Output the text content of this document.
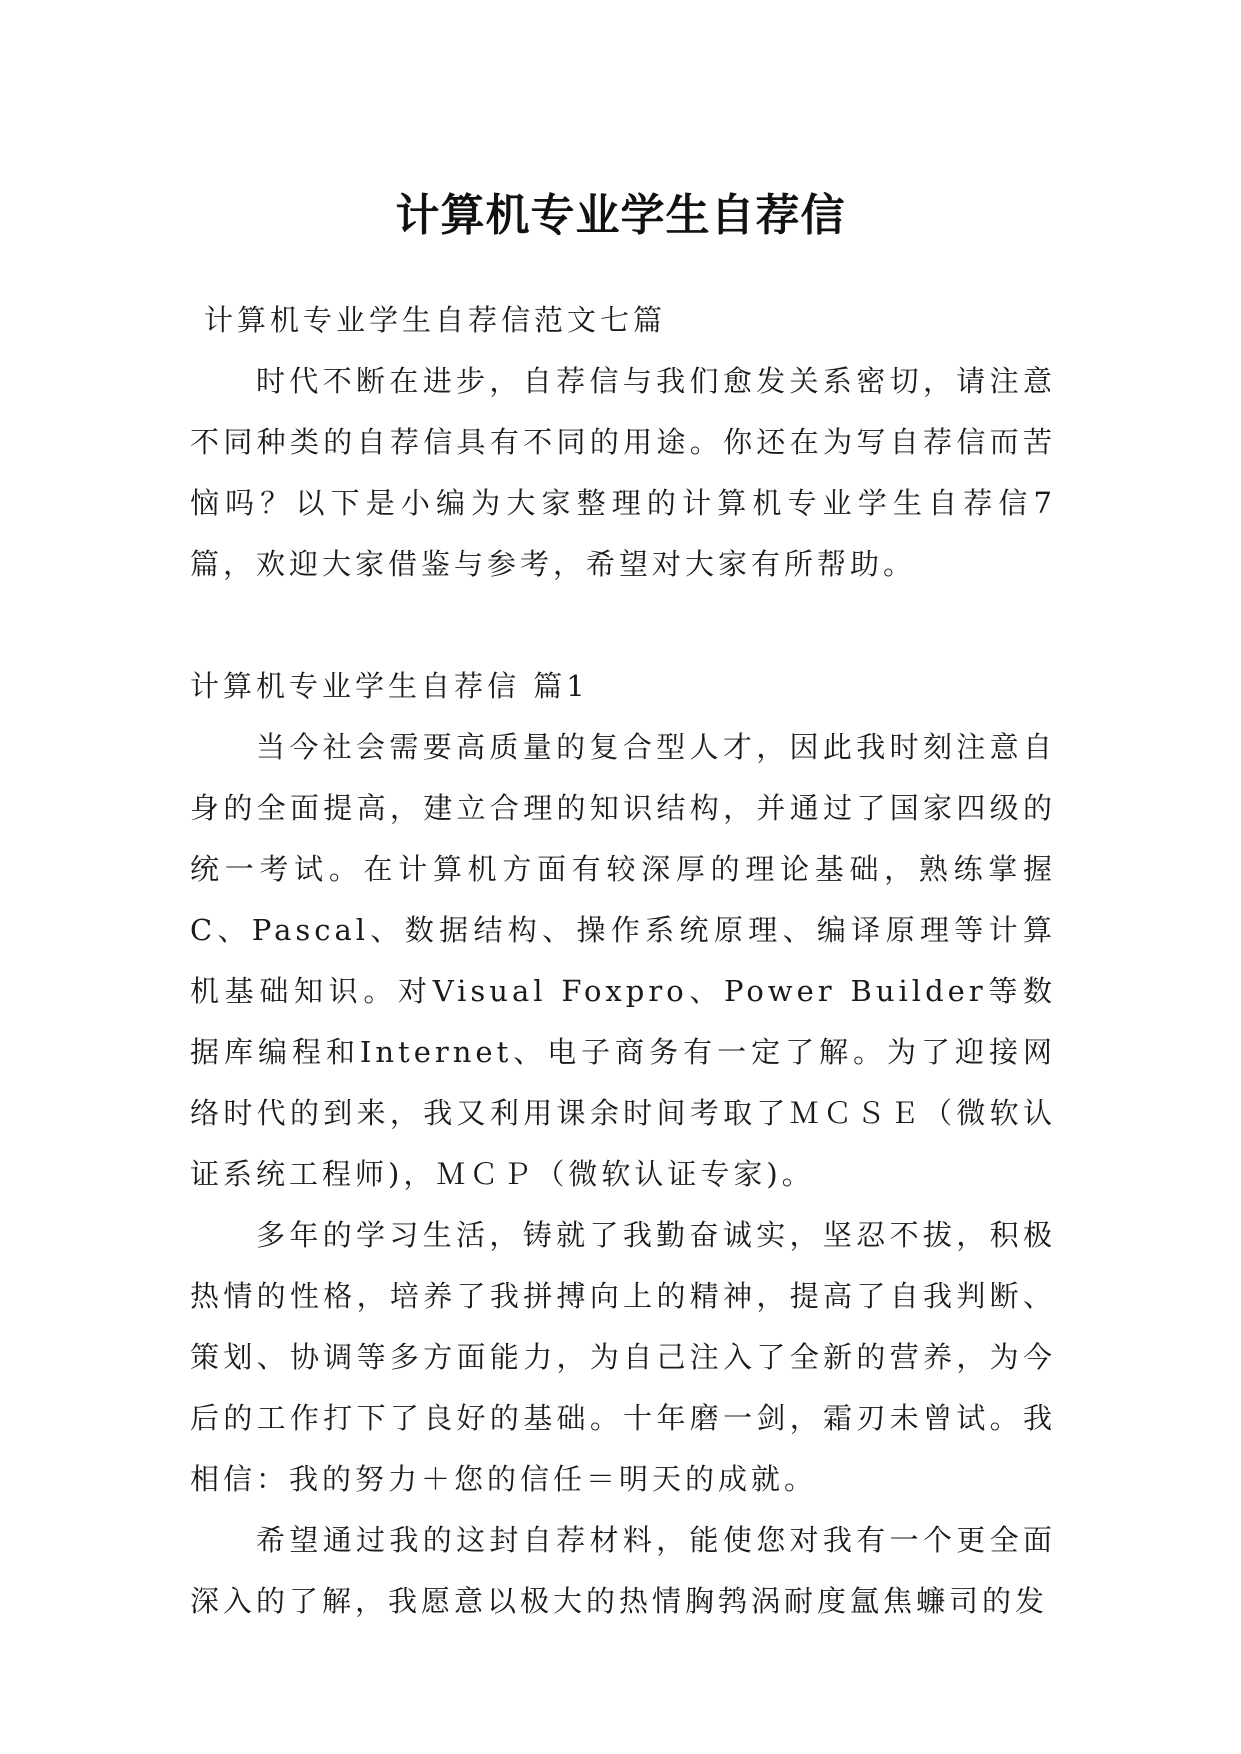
计算机专业学生自荐信

计算机专业学生自荐信范文七篇

时代不断在进步，自荐信与我们愈发关系密切，请注意不同种类的自荐信具有不同的用途。你还在为写自荐信而苦恼吗？以下是小编为大家整理的计算机专业学生自荐信7篇，欢迎大家借鉴与参考，希望对大家有所帮助。

计算机专业学生自荐信 篇1

当今社会需要高质量的复合型人才，因此我时刻注意自身的全面提高，建立合理的知识结构，并通过了国家四级的统一考试。在计算机方面有较深厚的理论基础，熟练掌握C、Pascal、数据结构、操作系统原理、编译原理等计算机基础知识。对Visual Foxpro、Power Builder等数据库编程和Internet、电子商务有一定了解。为了迎接网络时代的到来，我又利用课余时间考取了ＭＣＳＥ（微软认证系统工程师)，ＭＣＰ（微软认证专家)。

多年的学习生活，铸就了我勤奋诚实，坚忍不拔，积极热情的性格，培养了我拼搏向上的精神，提高了自我判断、策划、协调等多方面能力，为自己注入了全新的营养，为今后的工作打下了良好的基础。十年磨一剑，霜刃未曾试。我相信：我的努力＋您的信任＝明天的成就。

希望通过我的这封自荐材料，能使您对我有一个更全面深入的了解，我愿意以极大的热情胸鹁涡耐度氲焦蠊司的发
